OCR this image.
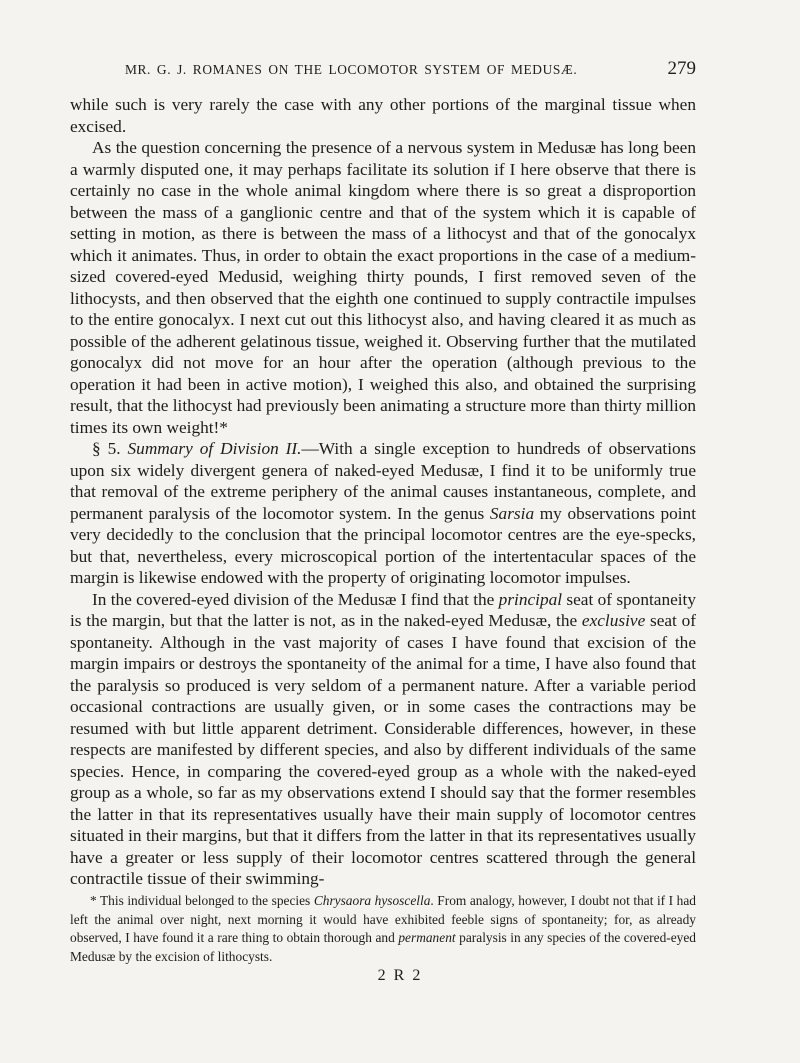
MR. G. J. ROMANES ON THE LOCOMOTOR SYSTEM OF MEDUSÆ.	279

while such is very rarely the case with any other portions of the marginal tissue when excised.

As the question concerning the presence of a nervous system in Medusæ has long been a warmly disputed one, it may perhaps facilitate its solution if I here observe that there is certainly no case in the whole animal kingdom where there is so great a disproportion between the mass of a ganglionic centre and that of the system which it is capable of setting in motion, as there is between the mass of a lithocyst and that of the gonocalyx which it animates. Thus, in order to obtain the exact proportions in the case of a medium-sized covered-eyed Medusid, weighing thirty pounds, I first removed seven of the lithocysts, and then observed that the eighth one continued to supply contractile impulses to the entire gonocalyx. I next cut out this lithocyst also, and having cleared it as much as possible of the adherent gelatinous tissue, weighed it. Observing further that the mutilated gonocalyx did not move for an hour after the operation (although previous to the operation it had been in active motion), I weighed this also, and obtained the surprising result, that the lithocyst had previously been animating a structure more than thirty million times its own weight!*

§ 5. Summary of Division II.—With a single exception to hundreds of observations upon six widely divergent genera of naked-eyed Medusæ, I find it to be uniformly true that removal of the extreme periphery of the animal causes instantaneous, complete, and permanent paralysis of the locomotor system. In the genus Sarsia my observations point very decidedly to the conclusion that the principal locomotor centres are the eye-specks, but that, nevertheless, every microscopical portion of the intertentacular spaces of the margin is likewise endowed with the property of originating locomotor impulses.

In the covered-eyed division of the Medusæ I find that the principal seat of spontaneity is the margin, but that the latter is not, as in the naked-eyed Medusæ, the exclusive seat of spontaneity. Although in the vast majority of cases I have found that excision of the margin impairs or destroys the spontaneity of the animal for a time, I have also found that the paralysis so produced is very seldom of a permanent nature. After a variable period occasional contractions are usually given, or in some cases the contractions may be resumed with but little apparent detriment. Considerable differences, however, in these respects are manifested by different species, and also by different individuals of the same species. Hence, in comparing the covered-eyed group as a whole with the naked-eyed group as a whole, so far as my observations extend I should say that the former resembles the latter in that its representatives usually have their main supply of locomotor centres situated in their margins, but that it differs from the latter in that its representatives usually have a greater or less supply of their locomotor centres scattered through the general contractile tissue of their swimming-

* This individual belonged to the species Chrysaora hysoscella. From analogy, however, I doubt not that if I had left the animal over night, next morning it would have exhibited feeble signs of spontaneity; for, as already observed, I have found it a rare thing to obtain thorough and permanent paralysis in any species of the covered-eyed Medusæ by the excision of lithocysts.

2 R 2
